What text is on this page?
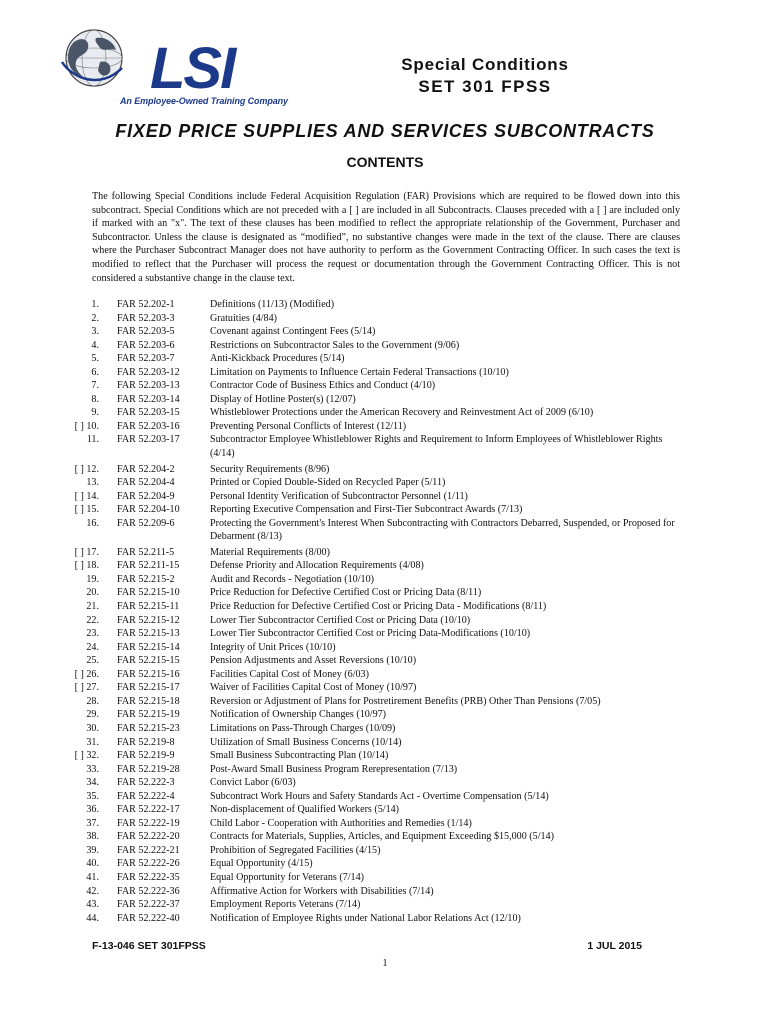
LSI
An Employee-Owned Training Company
Special Conditions
SET 301 FPSS
FIXED PRICE SUPPLIES AND SERVICES SUBCONTRACTS
CONTENTS

The following Special Conditions include Federal Acquisition Regulation (FAR) Provisions which are required to be flowed down into this subcontract. Special Conditions which are not preceded with a [ ] are included in all Subcontracts. Clauses preceded with a [ ] are included only if marked with an "x". The text of these clauses has been modified to reflect the appropriate relationship of the Government, Purchaser and Subcontractor. Unless the clause is designated as “modified”, no substantive changes were made in the text of the clause. There are clauses where the Purchaser Subcontract Manager does not have authority to perform as the Government Contracting Officer. In such cases the text is modified to reflect that the Purchaser will process the request or documentation through the Government Contracting Officer. This is not considered a substantive change in the clause text.

1.	FAR 52.202-1	Definitions (11/13) (Modified)
2.	FAR 52.203-3	Gratuities (4/84)
3.	FAR 52.203-5	Covenant against Contingent Fees (5/14)
4.	FAR 52.203-6	Restrictions on Subcontractor Sales to the Government (9/06)
5.	FAR 52.203-7	Anti-Kickback Procedures (5/14)
6.	FAR 52.203-12	Limitation on Payments to Influence Certain Federal Transactions (10/10)
7.	FAR 52.203-13	Contractor Code of Business Ethics and Conduct (4/10)
8.	FAR 52.203-14	Display of Hotline Poster(s) (12/07)
9.	FAR 52.203-15	Whistleblower Protections under the American Recovery and Reinvestment Act of 2009 (6/10)
[ ] 10.	FAR 52.203-16	Preventing Personal Conflicts of Interest (12/11)
11.	FAR 52.203-17	Subcontractor Employee Whistleblower Rights and Requirement to Inform Employees of Whistleblower Rights (4/14)
[ ] 12.	FAR 52.204-2	Security Requirements (8/96)
13.	FAR 52.204-4	Printed or Copied Double-Sided on Recycled Paper (5/11)
[ ] 14.	FAR 52.204-9	Personal Identity Verification of Subcontractor Personnel (1/11)
[ ] 15.	FAR 52.204-10	Reporting Executive Compensation and First-Tier Subcontract Awards (7/13)
16.	FAR 52.209-6	Protecting the Government's Interest When Subcontracting with Contractors Debarred, Suspended, or Proposed for Debarment (8/13)
[ ] 17.	FAR 52.211-5	Material Requirements (8/00)
[ ] 18.	FAR 52.211-15	Defense Priority and Allocation Requirements (4/08)
19.	FAR 52.215-2	Audit and Records - Negotiation (10/10)
20.	FAR 52.215-10	Price Reduction for Defective Certified Cost or Pricing Data (8/11)
21.	FAR 52.215-11	Price Reduction for Defective Certified Cost or Pricing Data - Modifications (8/11)
22.	FAR 52.215-12	Lower Tier Subcontractor Certified Cost or Pricing Data (10/10)
23.	FAR 52.215-13	Lower Tier Subcontractor Certified Cost or Pricing Data-Modifications (10/10)
24.	FAR 52.215-14	Integrity of Unit Prices (10/10)
25.	FAR 52.215-15	Pension Adjustments and Asset Reversions (10/10)
[ ] 26.	FAR 52.215-16	Facilities Capital Cost of Money (6/03)
[ ] 27.	FAR 52.215-17	Waiver of Facilities Capital Cost of Money (10/97)
28.	FAR 52.215-18	Reversion or Adjustment of Plans for Postretirement Benefits (PRB) Other Than Pensions (7/05)
29.	FAR 52.215-19	Notification of Ownership Changes (10/97)
30.	FAR 52.215-23	Limitations on Pass-Through Charges (10/09)
31.	FAR 52.219-8	Utilization of Small Business Concerns (10/14)
[ ] 32.	FAR 52.219-9	Small Business Subcontracting Plan (10/14)
33.	FAR 52.219-28	Post-Award Small Business Program Rerepresentation (7/13)
34.	FAR 52.222-3	Convict Labor (6/03)
35.	FAR 52.222-4	Subcontract Work Hours and Safety Standards Act - Overtime Compensation (5/14)
36.	FAR 52.222-17	Non-displacement of Qualified Workers (5/14)
37.	FAR 52.222-19	Child Labor - Cooperation with Authorities and Remedies (1/14)
38.	FAR 52.222-20	Contracts for Materials, Supplies, Articles, and Equipment Exceeding $15,000 (5/14)
39.	FAR 52.222-21	Prohibition of Segregated Facilities (4/15)
40.	FAR 52.222-26	Equal Opportunity (4/15)
41.	FAR 52.222-35	Equal Opportunity for Veterans (7/14)
42.	FAR 52.222-36	Affirmative Action for Workers with Disabilities (7/14)
43.	FAR 52.222-37	Employment Reports Veterans (7/14)
44.	FAR 52.222-40	Notification of Employee Rights under National Labor Relations Act (12/10)
F-13-046 SET 301FPSS	1 JUL 2015
1
